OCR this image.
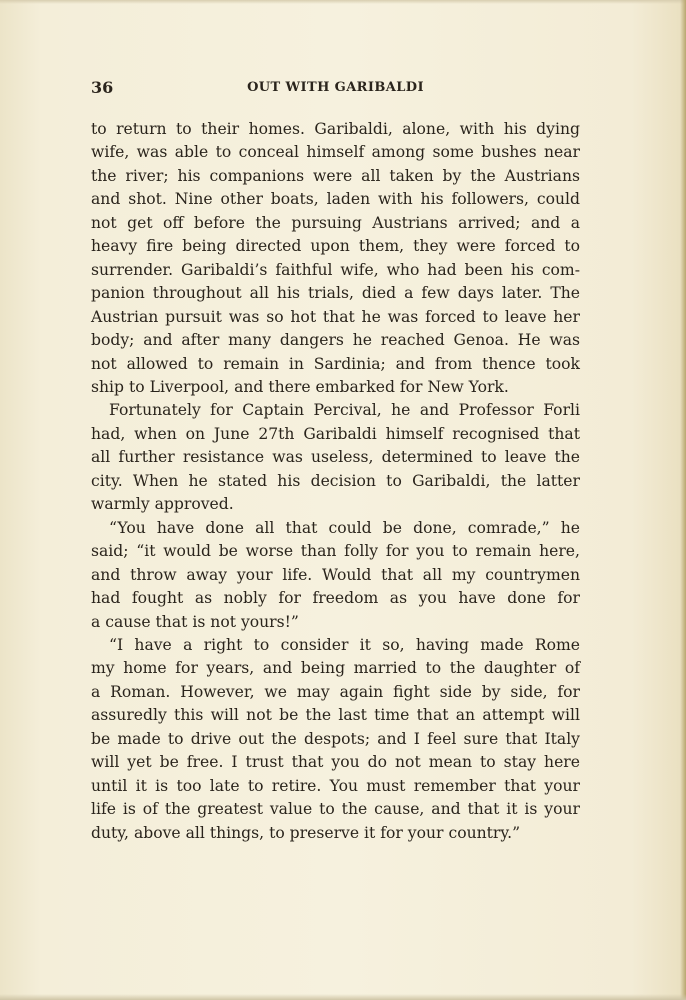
36	OUT WITH GARIBALDI
to return to their homes. Garibaldi, alone, with his dying
wife, was able to conceal himself among some bushes near
the river; his companions were all taken by the Austrians
and shot. Nine other boats, laden with his followers, could
not get off before the pursuing Austrians arrived; and a
heavy fire being directed upon them, they were forced to
surrender. Garibaldi’s faithful wife, who had been his com-
panion throughout all his trials, died a few days later. The
Austrian pursuit was so hot that he was forced to leave her
body; and after many dangers he reached Genoa. He was
not allowed to remain in Sardinia; and from thence took
ship to Liverpool, and there embarked for New York.
Fortunately for Captain Percival, he and Professor Forli
had, when on June 27th Garibaldi himself recognised that
all further resistance was useless, determined to leave the
city. When he stated his decision to Garibaldi, the latter
warmly approved.
“You have done all that could be done, comrade,” he
said; “it would be worse than folly for you to remain here,
and throw away your life. Would that all my countrymen
had fought as nobly for freedom as you have done for
a cause that is not yours!”
“I have a right to consider it so, having made Rome
my home for years, and being married to the daughter of
a Roman. However, we may again fight side by side, for
assuredly this will not be the last time that an attempt will
be made to drive out the despots; and I feel sure that Italy
will yet be free. I trust that you do not mean to stay here
until it is too late to retire. You must remember that your
life is of the greatest value to the cause, and that it is your
duty, above all things, to preserve it for your country.”
